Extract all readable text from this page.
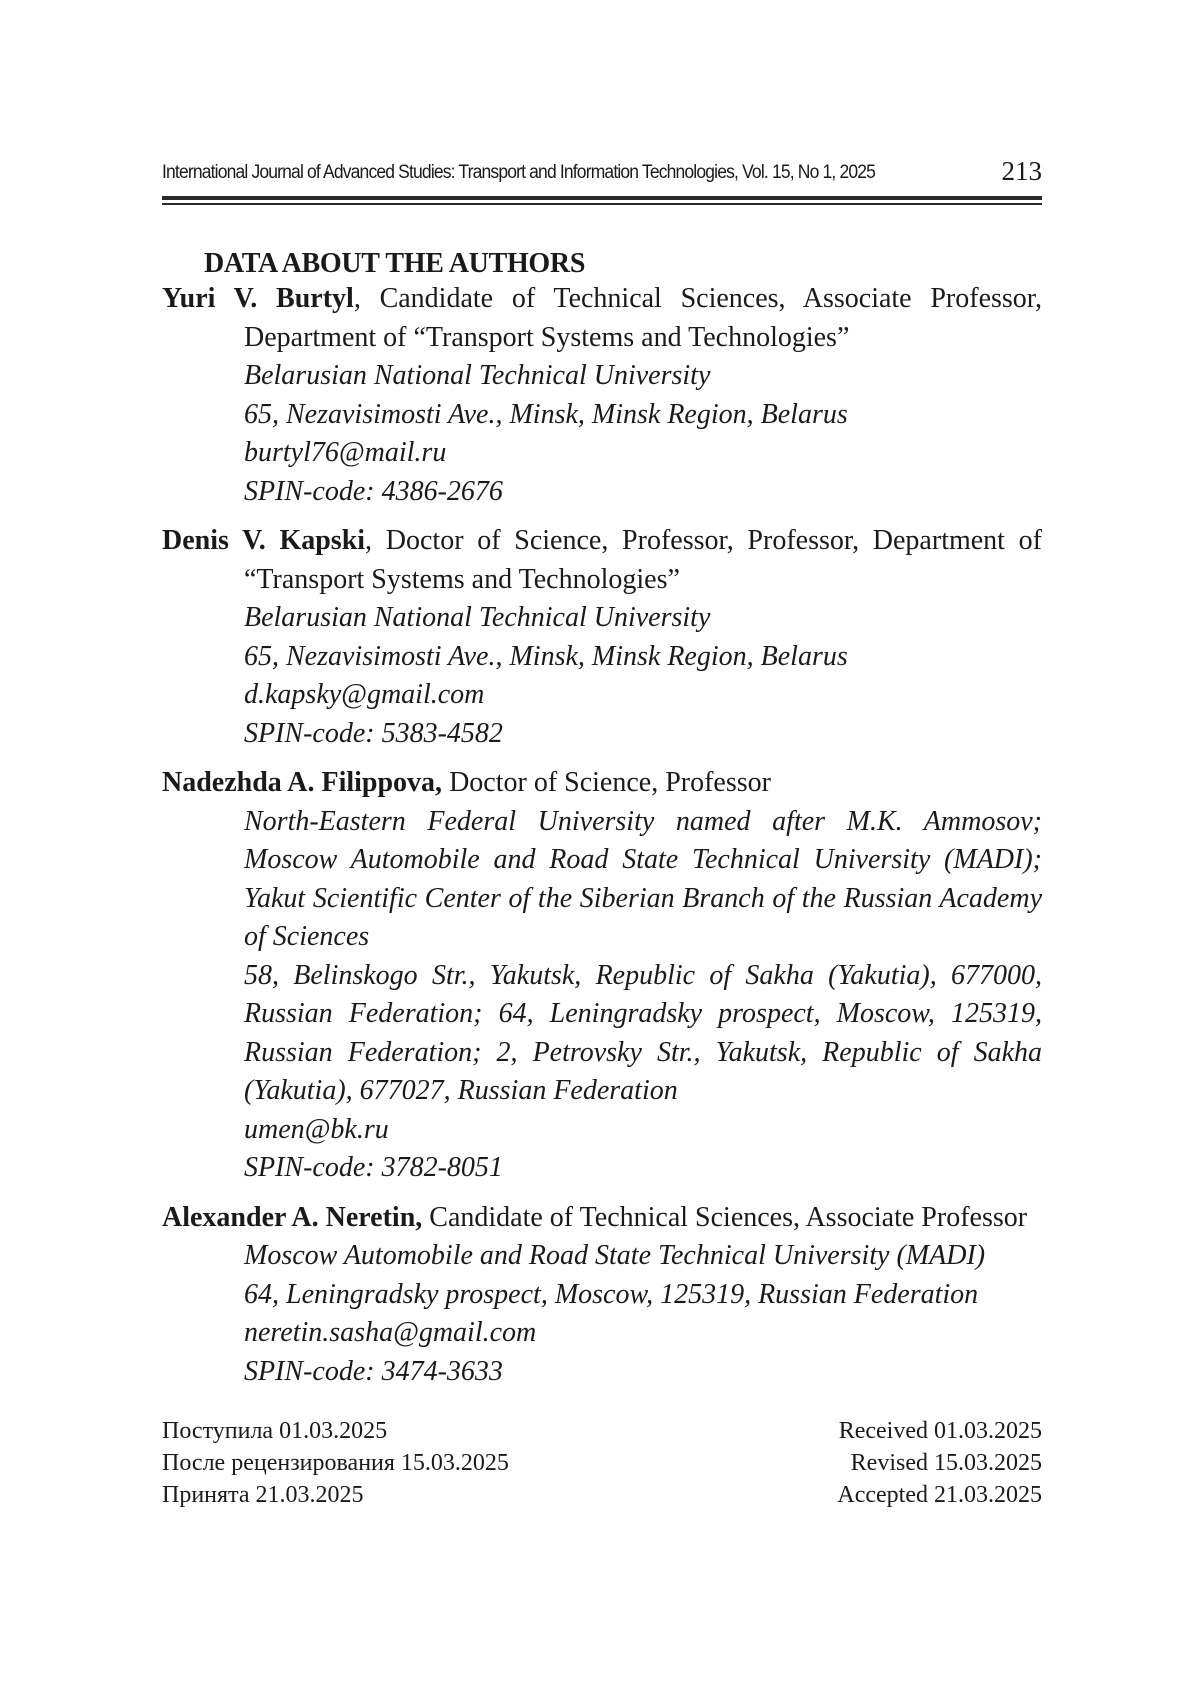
International Journal of Advanced Studies: Transport and Information Technologies, Vol. 15, No 1, 2025	213
DATA ABOUT THE AUTHORS
Yuri V. Burtyl, Candidate of Technical Sciences, Associate Professor, Department of “Transport Systems and Technologies”
Belarusian National Technical University
65, Nezavisimosti Ave., Minsk, Minsk Region, Belarus
burtyl76@mail.ru
SPIN-code: 4386-2676
Denis V. Kapski, Doctor of Science, Professor, Professor, Department of “Transport Systems and Technologies”
Belarusian National Technical University
65, Nezavisimosti Ave., Minsk, Minsk Region, Belarus
d.kapsky@gmail.com
SPIN-code: 5383-4582
Nadezhda A. Filippova, Doctor of Science, Professor
North-Eastern Federal University named after M.K. Ammosov; Moscow Automobile and Road State Technical University (MADI); Yakut Scientific Center of the Siberian Branch of the Russian Academy of Sciences
58, Belinskogo Str., Yakutsk, Republic of Sakha (Yakutia), 677000, Russian Federation; 64, Leningradsky prospect, Moscow, 125319, Russian Federation; 2, Petrovsky Str., Yakutsk, Republic of Sakha (Yakutia), 677027, Russian Federation
umen@bk.ru
SPIN-code: 3782-8051
Alexander A. Neretin, Candidate of Technical Sciences, Associate Professor
Moscow Automobile and Road State Technical University (MADI)
64, Leningradsky prospect, Moscow, 125319, Russian Federation
neretin.sasha@gmail.com
SPIN-code: 3474-3633
Поступила 01.03.2025
После рецензирования 15.03.2025
Принята 21.03.2025
Received 01.03.2025
Revised 15.03.2025
Accepted 21.03.2025
